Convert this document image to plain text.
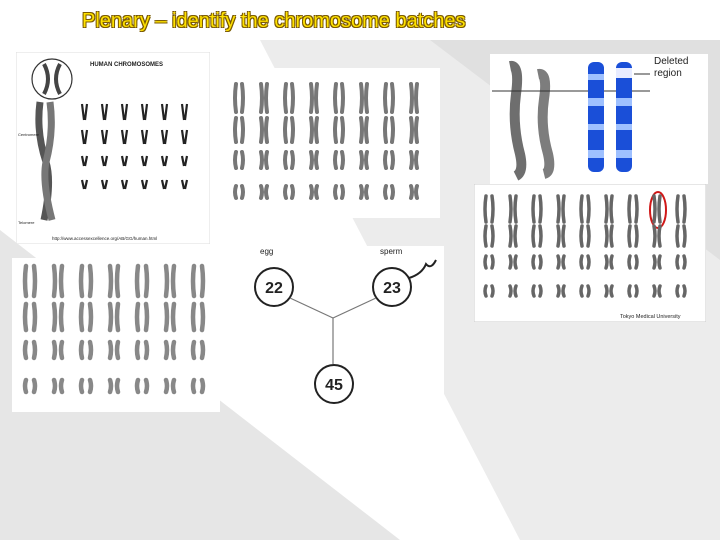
Plenary – identify the chromosome batches
HUMAN CHROMOSOMES
Centromere
Telomere
http://www.accessexcellence.org/AB/GG/human.html
Deleted
region
Tokyo Medical University
egg	sperm
22	23
45
